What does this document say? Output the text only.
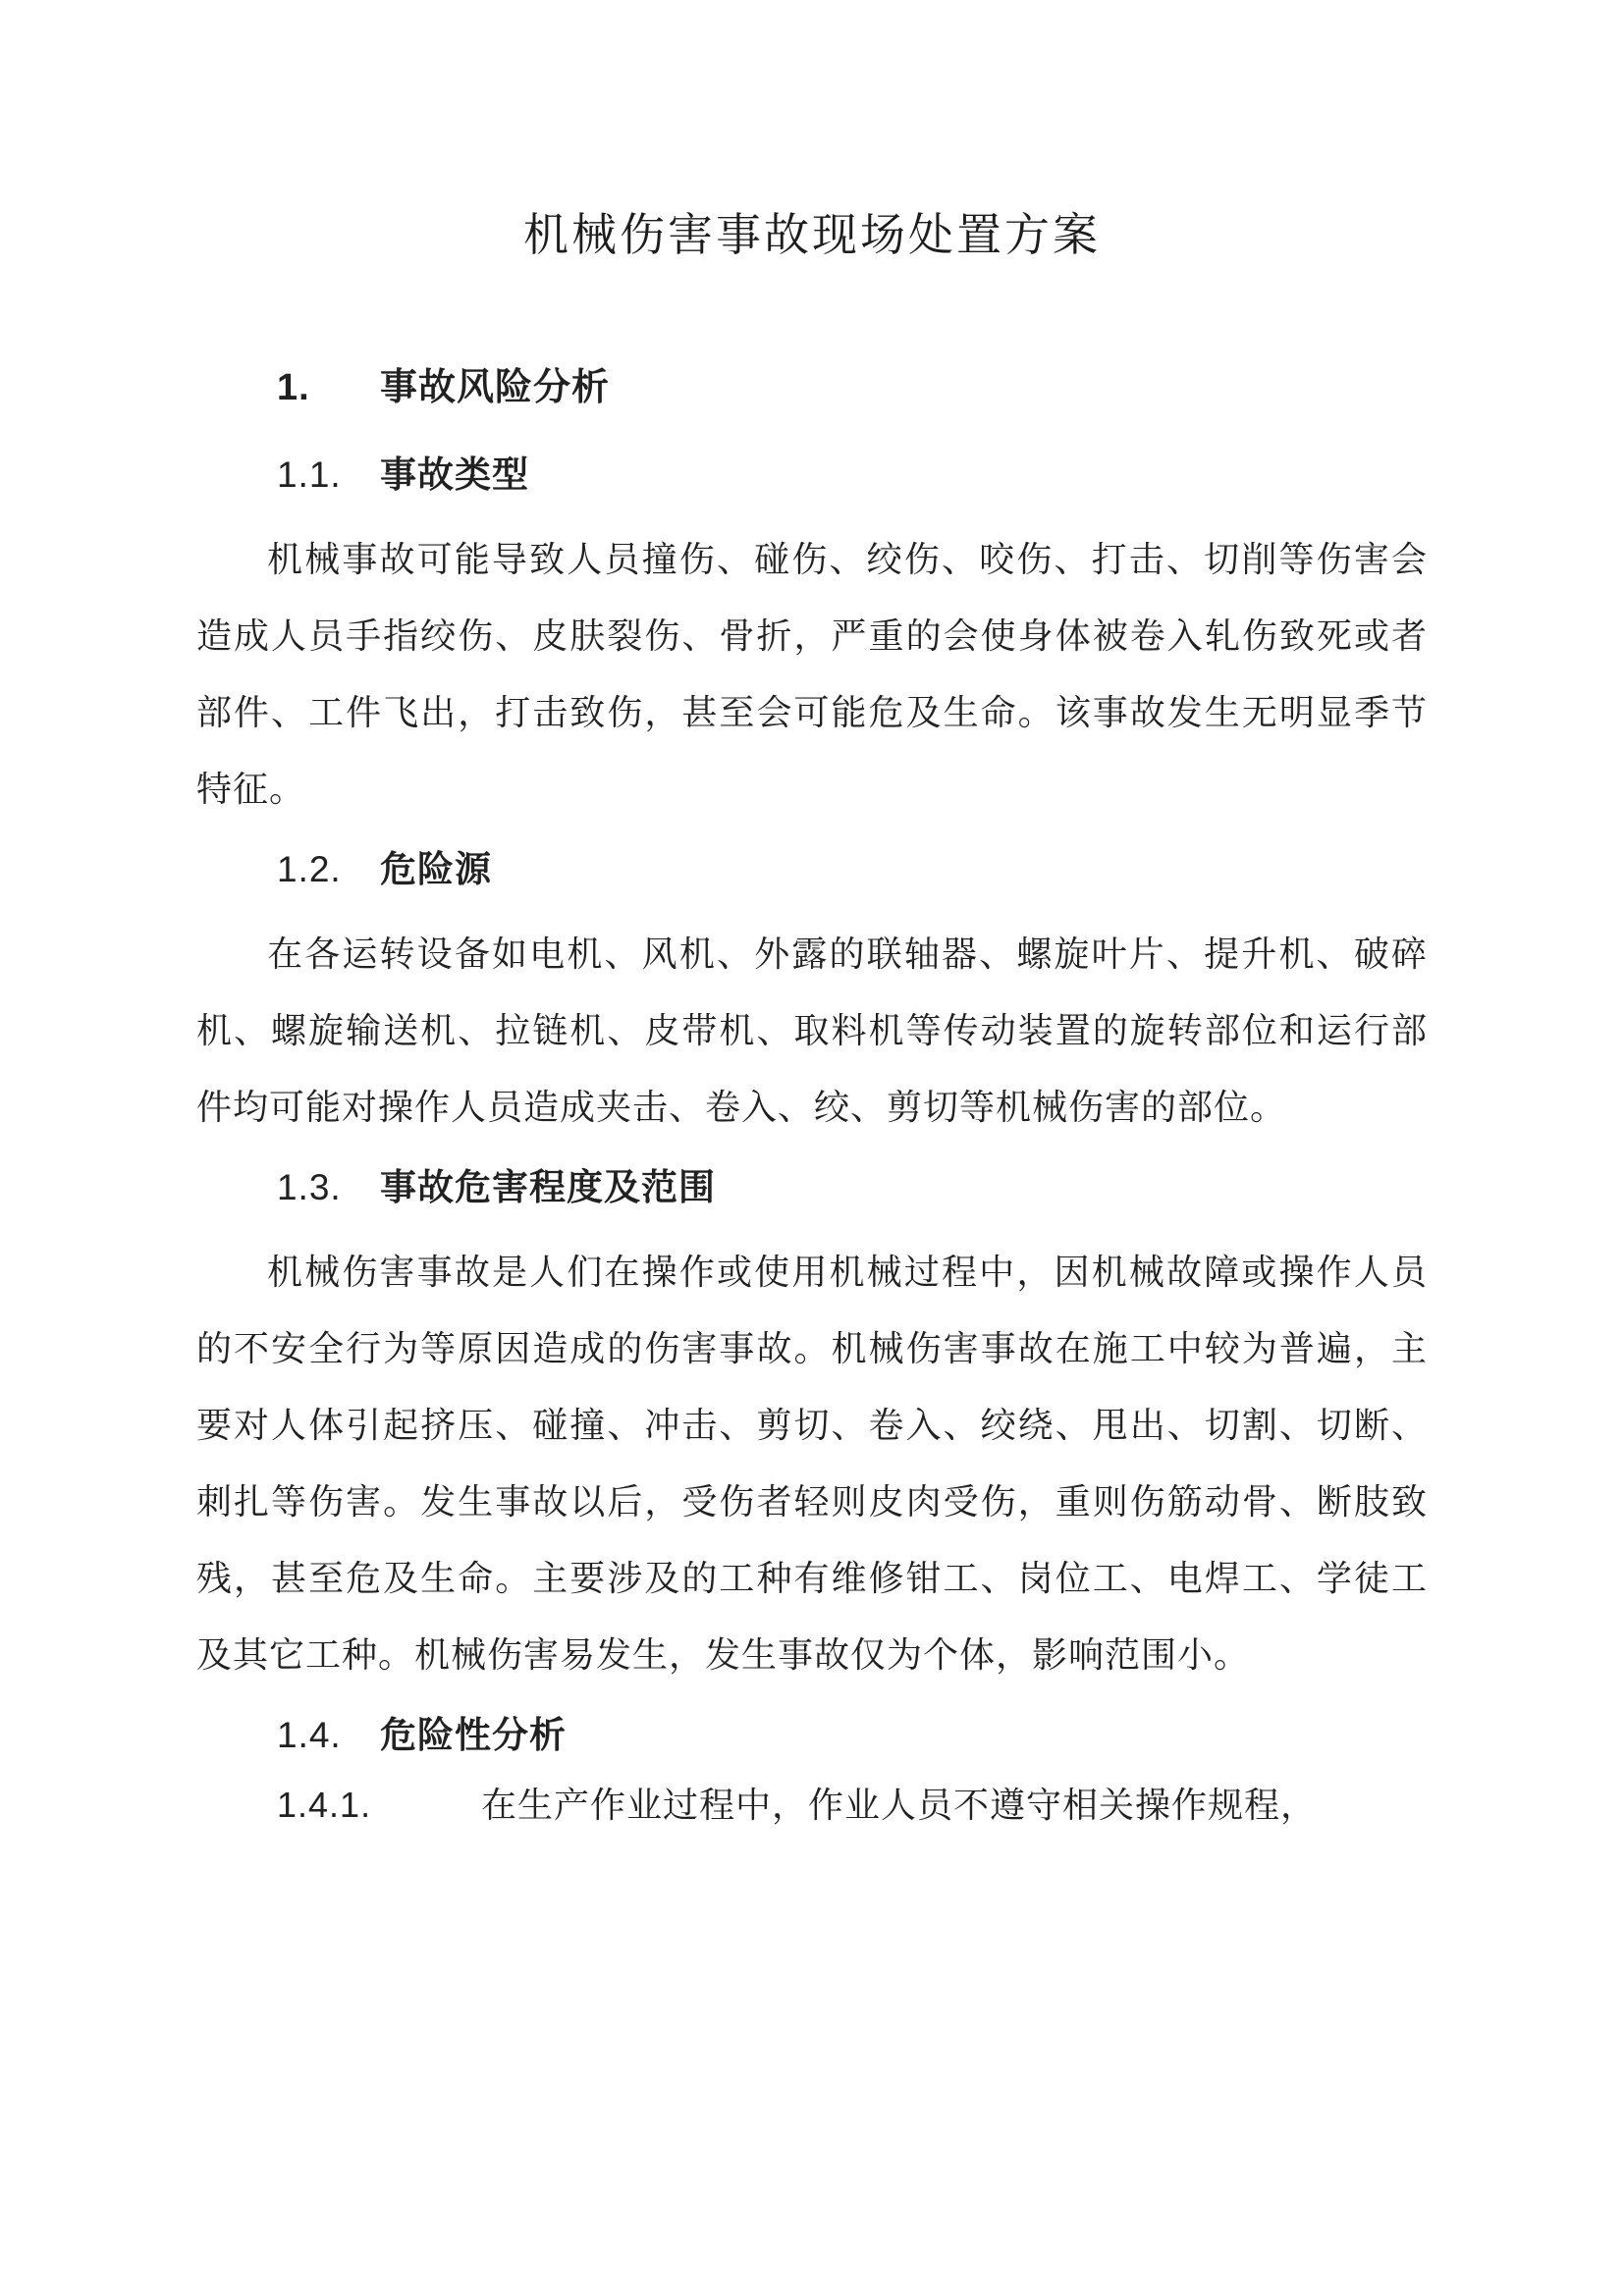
机械伤害事故现场处置方案
1.	事故风险分析
1.1.	事故类型

机械事故可能导致人员撞伤、碰伤、绞伤、咬伤、打击、切削等伤害会造成人员手指绞伤、皮肤裂伤、骨折，严重的会使身体被卷入轧伤致死或者部件、工件飞出，打击致伤，甚至会可能危及生命。该事故发生无明显季节特征。

1.2.	危险源

在各运转设备如电机、风机、外露的联轴器、螺旋叶片、提升机、破碎机、螺旋输送机、拉链机、皮带机、取料机等传动装置的旋转部位和运行部件均可能对操作人员造成夹击、卷入、绞、剪切等机械伤害的部位。

1.3.	事故危害程度及范围

机械伤害事故是人们在操作或使用机械过程中，因机械故障或操作人员的不安全行为等原因造成的伤害事故。机械伤害事故在施工中较为普遍，主要对人体引起挤压、碰撞、冲击、剪切、卷入、绞绕、甩出、切割、切断、刺扎等伤害。发生事故以后，受伤者轻则皮肉受伤，重则伤筋动骨、断肢致残，甚至危及生命。主要涉及的工种有维修钳工、岗位工、电焊工、学徒工及其它工种。机械伤害易发生，发生事故仅为个体，影响范围小。

1.4.	危险性分析
1.4.1.	在生产作业过程中，作业人员不遵守相关操作规程，
